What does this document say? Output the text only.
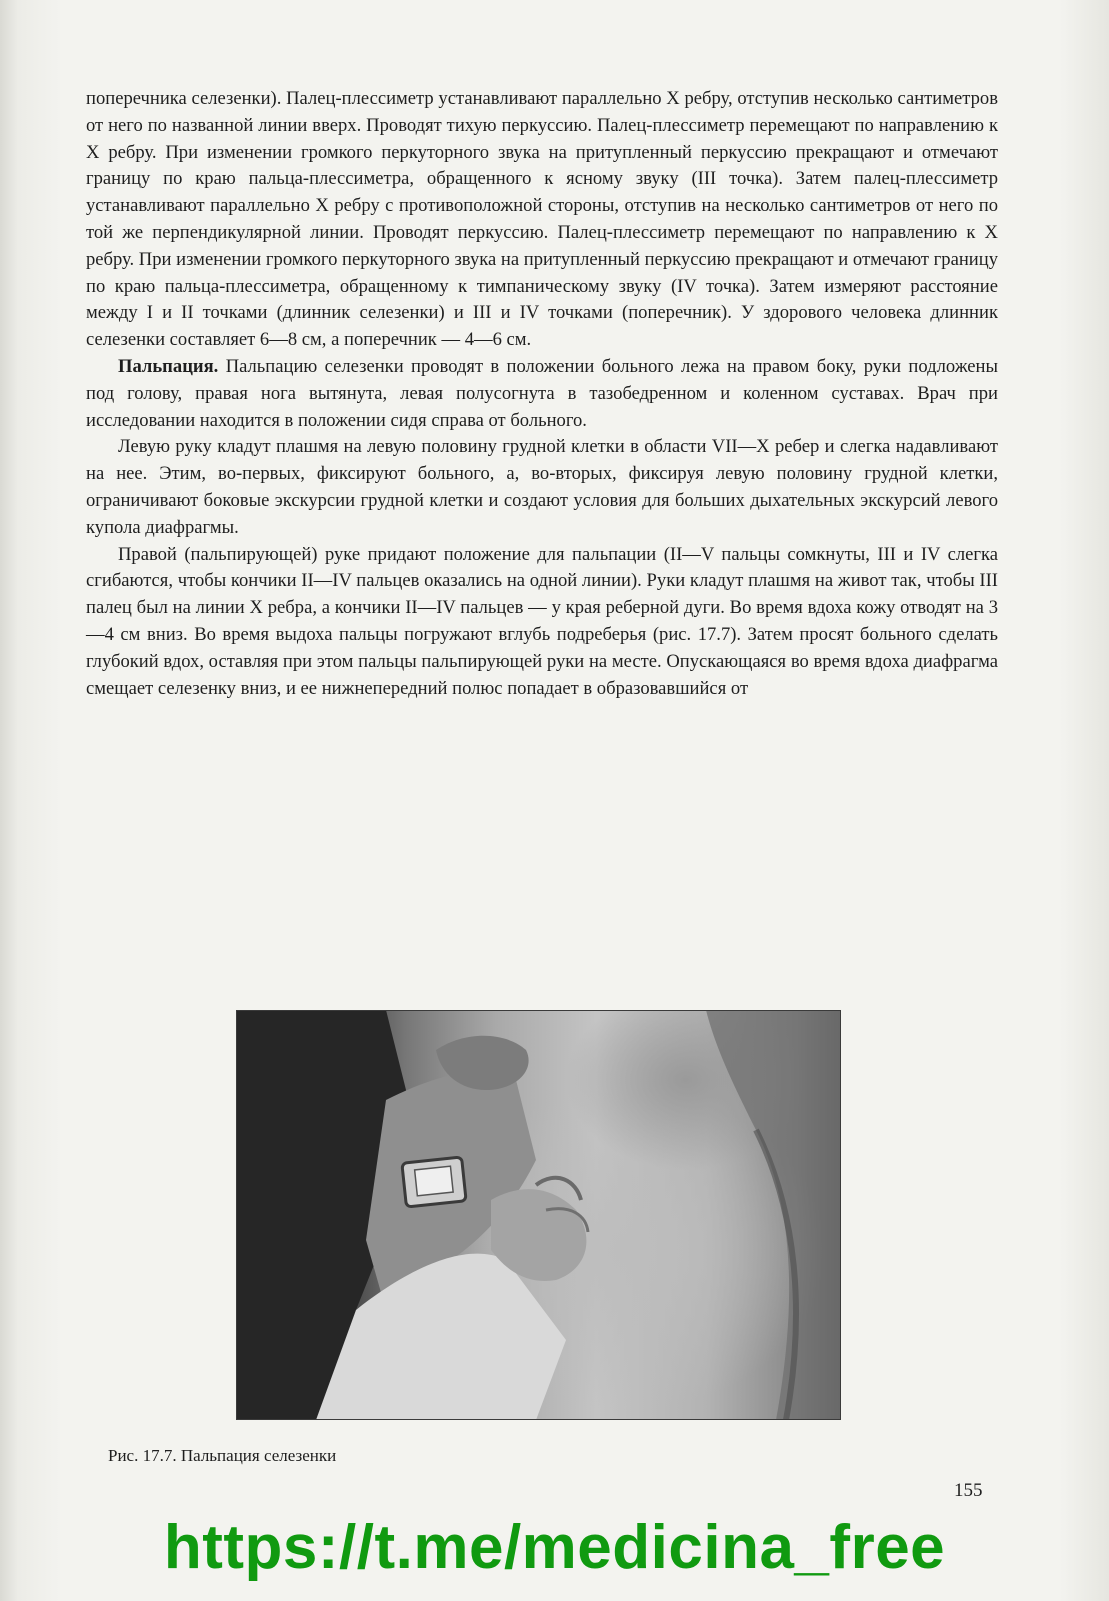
поперечника селезенки). Палец-плессиметр устанавливают параллельно X ребру, отступив несколько сантиметров от него по названной линии вверх. Проводят тихую перкуссию. Палец-плессиметр перемещают по направлению к X ребру. При изменении громкого перкуторного звука на притупленный перкуссию прекращают и отмечают границу по краю пальца-плессиметра, обращенного к ясному звуку (III точка). Затем палец-плессиметр устанавливают параллельно X ребру с противоположной стороны, отступив на несколько сантиметров от него по той же перпендикулярной линии. Проводят перкуссию. Палец-плессиметр перемещают по направлению к X ребру. При изменении громкого перкуторного звука на притупленный перкуссию прекращают и отмечают границу по краю пальца-плессиметра, обращенному к тимпаническому звуку (IV точка). Затем измеряют расстояние между I и II точками (длинник селезенки) и III и IV точками (поперечник). У здорового человека длинник селезенки составляет 6—8 см, а поперечник — 4—6 см.

Пальпация. Пальпацию селезенки проводят в положении больного лежа на правом боку, руки подложены под голову, правая нога вытянута, левая полусогнута в тазобедренном и коленном суставах. Врач при исследовании находится в положении сидя справа от больного.

Левую руку кладут плашмя на левую половину грудной клетки в области VII—X ребер и слегка надавливают на нее. Этим, во-первых, фиксируют больного, а, во-вторых, фиксируя левую половину грудной клетки, ограничивают боковые экскурсии грудной клетки и создают условия для больших дыхательных экскурсий левого купола диафрагмы.

Правой (пальпирующей) руке придают положение для пальпации (II—V пальцы сомкнуты, III и IV слегка сгибаются, чтобы кончики II—IV пальцев оказались на одной линии). Руки кладут плашмя на живот так, чтобы III палец был на линии X ребра, а кончики II—IV пальцев — у края реберной дуги. Во время вдоха кожу отводят на 3—4 см вниз. Во время выдоха пальцы погружают вглубь подреберья (рис. 17.7). Затем просят больного сделать глубокий вдох, оставляя при этом пальцы пальпирующей руки на месте. Опускающаяся во время вдоха диафрагма смещает селезенку вниз, и ее нижнепередний полюс попадает в образовавшийся от

Рис. 17.7. Пальпация селезенки
155
https://t.me/medicina_free
